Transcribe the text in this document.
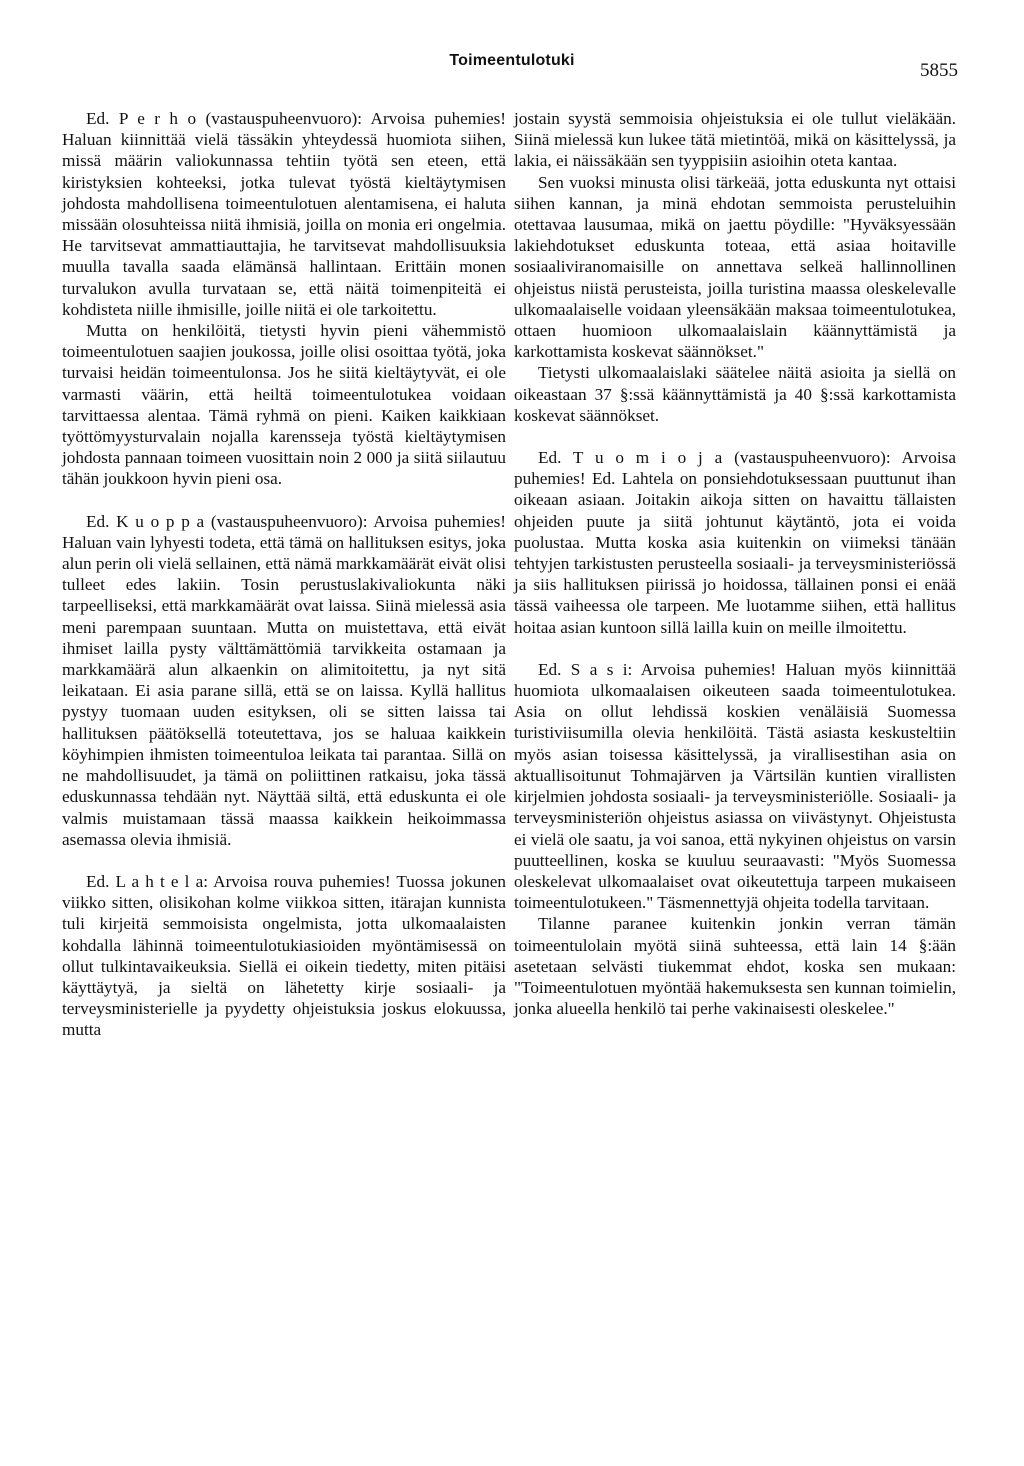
Toimeentulotuki	5855

Ed. P e r h o (vastauspuheenvuoro): Arvoisa puhemies! Haluan kiinnittää vielä tässäkin yhteydessä huomiota siihen, missä määrin valiokunnassa tehtiin työtä sen eteen, että kiristyksien kohteeksi, jotka tulevat työstä kieltäytymisen johdosta mahdollisena toimeentulotuen alentamisena, ei haluta missään olosuhteissa niitä ihmisiä, joilla on monia eri ongelmia. He tarvitsevat ammattiauttajia, he tarvitsevat mahdollisuuksia muulla tavalla saada elämänsä hallintaan. Erittäin monen turvalukon avulla turvataan se, että näitä toimenpiteitä ei kohdisteta niille ihmisille, joille niitä ei ole tarkoitettu.

Mutta on henkilöitä, tietysti hyvin pieni vähemmistö toimeentulotuen saajien joukossa, joille olisi osoittaa työtä, joka turvaisi heidän toimeentulonsa. Jos he siitä kieltäytyvät, ei ole varmasti väärin, että heiltä toimeentulotukea voidaan tarvittaessa alentaa. Tämä ryhmä on pieni. Kaiken kaikkiaan työttömyysturvalain nojalla karensseja työstä kieltäytymisen johdosta pannaan toimeen vuosittain noin 2 000 ja siitä siilautuu tähän joukkoon hyvin pieni osa.

Ed. K u o p p a (vastauspuheenvuoro): Arvoisa puhemies! Haluan vain lyhyesti todeta, että tämä on hallituksen esitys, joka alun perin oli vielä sellainen, että nämä markkamäärät eivät olisi tulleet edes lakiin. Tosin perustuslakivaliokunta näki tarpeelliseksi, että markkamäärät ovat laissa. Siinä mielessä asia meni parempaan suuntaan. Mutta on muistettava, että eivät ihmiset lailla pysty välttämättömiä tarvikkeita ostamaan ja markkamäärä alun alkaenkin on alimitoitettu, ja nyt sitä leikataan. Ei asia parane sillä, että se on laissa. Kyllä hallitus pystyy tuomaan uuden esityksen, oli se sitten laissa tai hallituksen päätöksellä toteutettava, jos se haluaa kaikkein köyhimpien ihmisten toimeentuloa leikata tai parantaa. Sillä on ne mahdollisuudet, ja tämä on poliittinen ratkaisu, joka tässä eduskunnassa tehdään nyt. Näyttää siltä, että eduskunta ei ole valmis muistamaan tässä maassa kaikkein heikoimmassa asemassa olevia ihmisiä.

Ed. L a h t e l a: Arvoisa rouva puhemies! Tuossa jokunen viikko sitten, olisikohan kolme viikkoa sitten, itärajan kunnista tuli kirjeitä semmoisista ongelmista, jotta ulkomaalaisten kohdalla lähinnä toimeentulotukiasioiden myöntämisessä on ollut tulkintavaikeuksia. Siellä ei oikein tiedetty, miten pitäisi käyttäytyä, ja sieltä on lähetetty kirje sosiaali- ja terveysministerielle ja pyydetty ohjeistuksia joskus elokuussa, mutta

jostain syystä semmoisia ohjeistuksia ei ole tullut vieläkään. Siinä mielessä kun lukee tätä mietintöä, mikä on käsittelyssä, ja lakia, ei näissäkään sen tyyppisiin asioihin oteta kantaa.

Sen vuoksi minusta olisi tärkeää, jotta eduskunta nyt ottaisi siihen kannan, ja minä ehdotan semmoista perusteluihin otettavaa lausumaa, mikä on jaettu pöydille: "Hyväksyessään lakiehdotukset eduskunta toteaa, että asiaa hoitaville sosiaaliviranomaisille on annettava selkeä hallinnollinen ohjeistus niistä perusteista, joilla turistina maassa oleskelevalle ulkomaalaiselle voidaan yleensäkään maksaa toimeentulotukea, ottaen huomioon ulkomaalaislain käännyttämistä ja karkottamista koskevat säännökset."

Tietysti ulkomaalaislaki säätelee näitä asioita ja siellä on oikeastaan 37 §:ssä käännyttämistä ja 40 §:ssä karkottamista koskevat säännökset.

Ed. T u o m i o j a (vastauspuheenvuoro): Arvoisa puhemies! Ed. Lahtela on ponsiehdotuksessaan puuttunut ihan oikeaan asiaan. Joitakin aikoja sitten on havaittu tällaisten ohjeiden puute ja siitä johtunut käytäntö, jota ei voida puolustaa. Mutta koska asia kuitenkin on viimeksi tänään tehtyjen tarkistusten perusteella sosiaali- ja terveysministeriössä ja siis hallituksen piirissä jo hoidossa, tällainen ponsi ei enää tässä vaiheessa ole tarpeen. Me luotamme siihen, että hallitus hoitaa asian kuntoon sillä lailla kuin on meille ilmoitettu.

Ed. S a s i: Arvoisa puhemies! Haluan myös kiinnittää huomiota ulkomaalaisen oikeuteen saada toimeentulotukea. Asia on ollut lehdissä koskien venäläisiä Suomessa turistiviisumilla olevia henkilöitä. Tästä asiasta keskusteltiin myös asian toisessa käsittelyssä, ja virallisestihan asia on aktuallisoitunut Tohmajärven ja Värtsilän kuntien virallisten kirjelmien johdosta sosiaali- ja terveysministeriölle. Sosiaali- ja terveysministeriön ohjeistus asiassa on viivästynyt. Ohjeistusta ei vielä ole saatu, ja voi sanoa, että nykyinen ohjeistus on varsin puutteellinen, koska se kuuluu seuraavasti: "Myös Suomessa oleskelevat ulkomaalaiset ovat oikeutettuja tarpeen mukaiseen toimeentulotukeen." Täsmennettyjä ohjeita todella tarvitaan.

Tilanne paranee kuitenkin jonkin verran tämän toimeentulolain myötä siinä suhteessa, että lain 14 §:ään asetetaan selvästi tiukemmat ehdot, koska sen mukaan: "Toimeentulotuen myöntää hakemuksesta sen kunnan toimielin, jonka alueella henkilö tai perhe vakinaisesti oleskelee."
